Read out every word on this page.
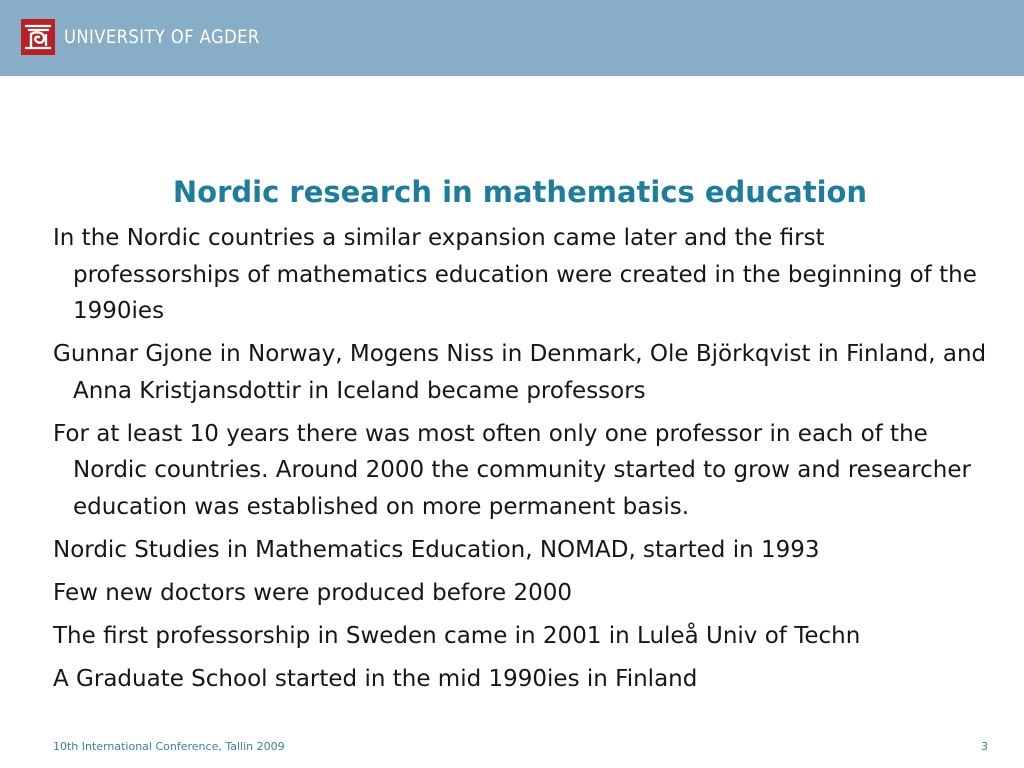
UNIVERSITY OF AGDER
Nordic research in mathematics education
In the Nordic countries a similar expansion came later and the first professorships of mathematics education were created in the beginning of the 1990ies
Gunnar Gjone in Norway, Mogens Niss in Denmark, Ole Björkqvist in Finland, and Anna Kristjansdottir in Iceland became professors
For at least 10 years there was most often only one professor in each of the Nordic countries. Around 2000 the community started to grow and researcher education was established on more permanent basis.
Nordic Studies in Mathematics Education, NOMAD, started in 1993
Few new doctors were produced before 2000
The first professorship in Sweden came in 2001 in Luleå Univ of Techn
A Graduate School started in the mid 1990ies in Finland
10th International Conference, Tallin 2009	3
